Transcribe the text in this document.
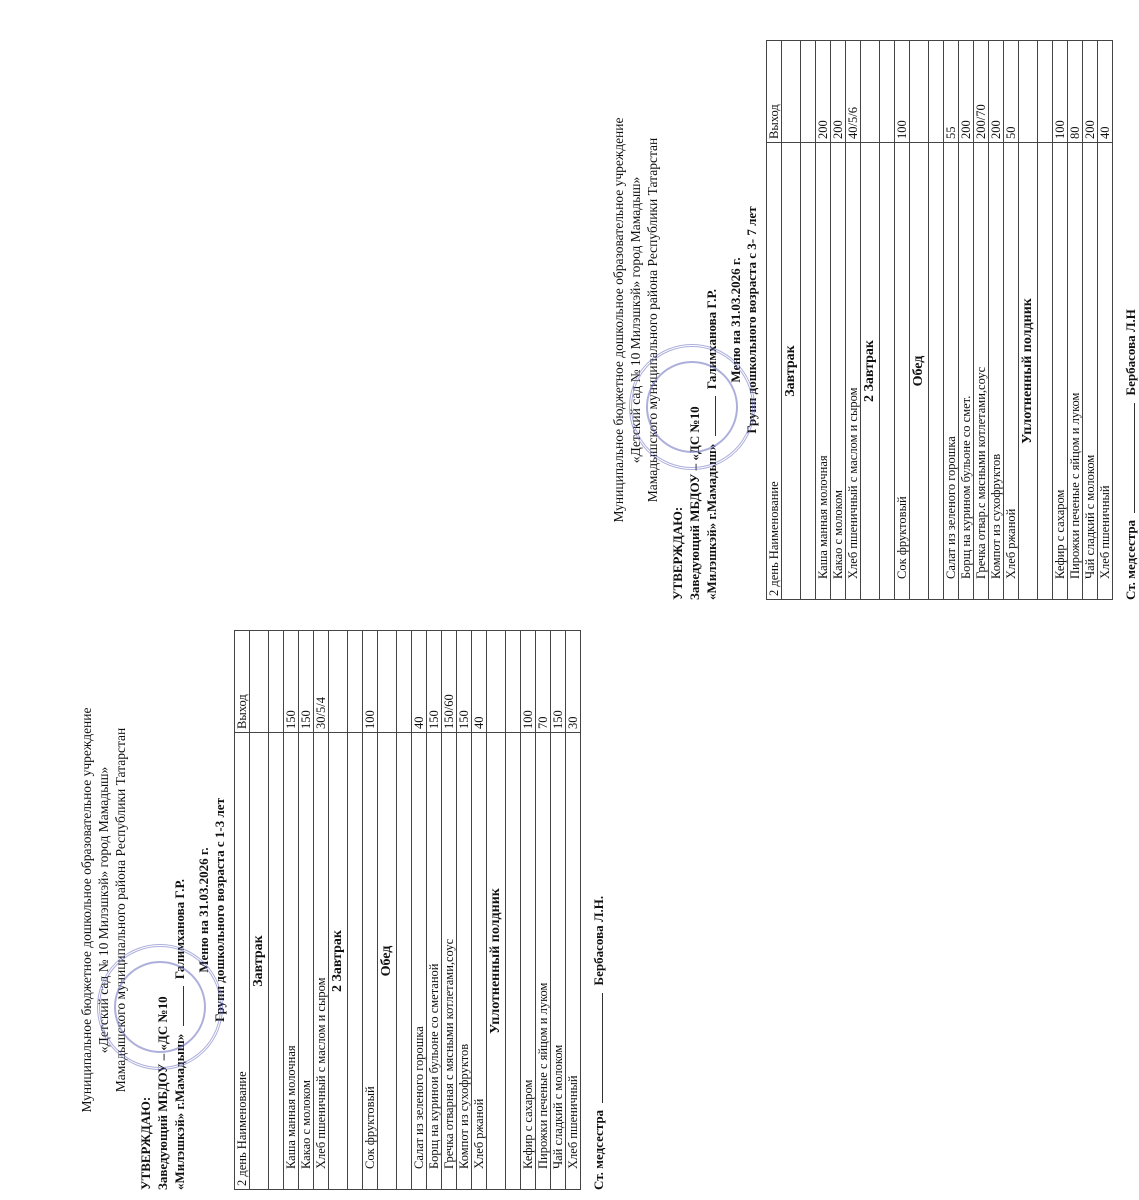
Муниципальное бюджетное дошкольное образовательное учреждение «Детский сад № 10 Милэшкэй» город Мамадыш» Мамадышского муниципального района Республики Татарстан
УТВЕРЖДАЮ: Заведующий МБДОУ – «ДС №10 «Милэшкэй» г.Мамадыш»  Галимханова Г.Р. Меню на 31.03.2026 г. Групп дошкольного возраста с 1-3 лет
2 день Наименование	Выход
Завтрак	

Каша манная молочная	150
Какао с молоком	150
Хлеб пшеничный с маслом и сыром	30/5/4
2 Завтрак	

Сок фруктовый	100
Обед	

Салат из зеленого горошка	40
Борщ на куринои бульоне со сметаной	150
Гречка отварная с мясными котлетами,соус	150/60
Компот из сухофруктов	150
Хлеб ржаной	40
Уплотненный полдник	

Кефир с сахаром	100
Пирожки печеные с яйцом и луком	70
Чай сладкий с молоком	150
Хлеб пшеничный	30
Ст. медсестра  Бербасова Л.Н.
Муниципальное бюджетное дошкольное образовательное учреждение «Детский сад № 10 Милэшкэй» город Мамадыш» Мамадышского муниципального района Республики Татарстан
УТВЕРЖДАЮ: Заведующий МБДОУ – «ДС №10 «Милэшкэй» г.Мамадыш»  Галимханова Г.Р. Меню на 31.03.2026 г. Групп дошкольного возраста с 3- 7 лет
2 день Наименование	Выход
Завтрак	

Каша манная молочная	200
Какао с молоком	200
Хлеб пшеничный с маслом и сыром	40/5/6
2 Завтрак	

Сок фруктовый	100
Обед	

Салат из зеленого горошка	55
Борщ на курином бульоне со смет.	200
Гречка отвар.с мясными котлетами,соус	200/70
Компот из сухофруктов	200
Хлеб ржаной	50
Уплотненный полдник	

Кефир с сахаром	100
Пирожки печеные с яйцом и луком	80
Чай сладкий с молоком	200
Хлеб пшеничный	40
Ст. медсестра  Бербасова Л.Н
